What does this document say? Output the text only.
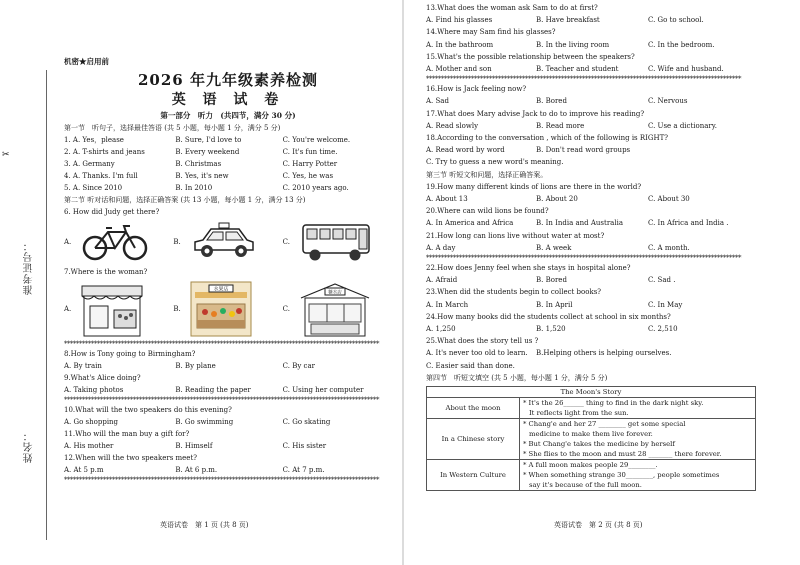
准考证号：
姓名：
✂
机密★启用前
2026 年九年级素养检测
英 语 试 卷
第一部分　听力　(共四节，满分 30 分)
第一节　听句子，选择最佳答语 (共 5 小题，每小题 1 分，满分 5 分)
1. A. Yes，please	B. Sure, I'd love to	C. You're welcome.
2. A. T-shirts and jeans	B. Every weekend	C. It's fun time.
3. A. Germany	B. Christmas	C. Harry Potter
4. A. Thanks. I'm full	B. Yes, it's new	C. Yes, he was
5. A. Since 2010	B. In 2010	C. 2010 years ago.
第二节 听对话和问题，选择正确答案 (共 13 小题，每小题 1 分，满分 13 分)
6. How did Judy get there?
A.	B.	C.
7.Where is the woman?
A.	B.
水果店
C.
糖水店
*********************************************************************************************************
8.How is Tony going to Birmingham?
A. By train	B. By plane	C. By car
9.What's Alice doing?
A. Taking photos	B. Reading the paper	C. Using her computer
*********************************************************************************************************
10.What will the two speakers do this evening?
A. Go shopping	B. Go swimming	C. Go skating
11.Who will the man buy a gift for?
A. His mother	B. Himself	C. His sister
12.When will the two speakers meet?
A. At 5 p.m	B. At 6 p.m.	C. At 7 p.m.
*********************************************************************************************************
英语试卷　第 1 页 (共 8 页)
13.What does the woman ask Sam to do at first?
A. Find his glasses	B. Have breakfast	C. Go to school.
14.Where may Sam find his glasses?
A. In the bathroom	B. In the living room	C. In the bedroom.
15.What's the possible relationship between the speakers?
A. Mother and son	B. Teacher and student	C. Wife and husband.
*********************************************************************************************************
16.How is Jack feeling now?
A. Sad	B. Bored	C. Nervous
17.What does Mary advise Jack to do to improve his reading?
A. Read slowly	B. Read more	C. Use a dictionary.
18.According to the conversation , which of the following is RIGHT?
A. Read word by word	B. Don't read word groups
C. Try to guess a new word's meaning.
第三节 听短文和问题，选择正确答案。
19.How many different kinds of lions are there in the world?
A. About 13	B. About 20	C. About 30
20.Where can wild lions be found?
A. In America and Africa	B. In India and Australia	C. In Africa and India .
21.How long can lions live without water at most?
A. A day	B. A week	C. A month.
*********************************************************************************************************
22.How does Jenny feel when she stays in hospital alone?
A. Afraid	B. Bored	C. Sad .
23.When did the students begin to collect books?
A. In March	B. In April	C. In May
24.How many books did the students collect at school in six months?
A. 1,250	B. 1,520	C. 2,510
25.What does the story tell us ?
A. It's never too old to learn.	B.Helping others is helping ourselves.
C. Easier said than done.
第四节　听短文填空 (共 5 小题，每小题 1 分，满分 5 分)
The Moon's Story	
About the moon	* It's the 26______ thing to find in the dark night sky.
It reflects light from the sun.

In a Chinese story	* Chang'e and her 27 ________ get some special
medicine to make them live forever.
* But Chang'e takes the medicine by herself
* She flies to the moon and must 28 _______ there forever.

In Western Culture	* A full moon makes people 29________.
* When something strange 30________, people sometimes
say it's because of the full moon.
英语试卷　第 2 页 (共 8 页)
